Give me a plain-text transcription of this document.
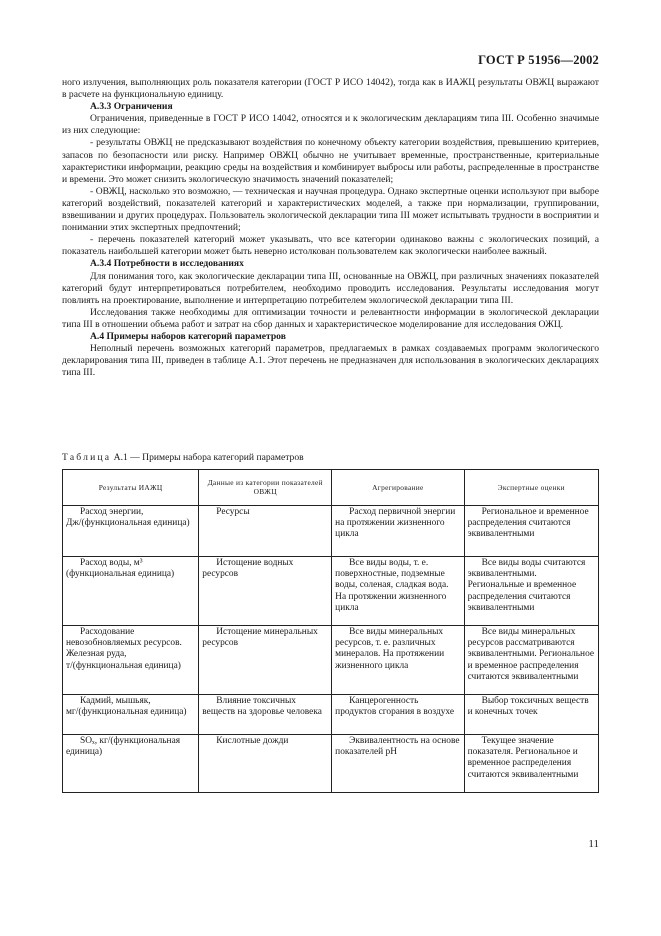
ГОСТ Р 51956—2002

ного излучения, выполняющих роль показателя категории (ГОСТ Р ИСО 14042), тогда как в ИАЖЦ результаты ОВЖЦ выражают в расчете на функциональную единицу.

А.3.3 Ограничения

Ограничения, приведенные в ГОСТ Р ИСО 14042, относятся и к экологическим декларациям типа III. Особенно значимые из них следующие:

- результаты ОВЖЦ не предсказывают воздействия по конечному объекту категории воздействия, превышению критериев, запасов по безопасности или риску. Например ОВЖЦ обычно не учитывает временные, пространственные, критериальные характеристики информации, реакцию среды на воздействия и комбинирует выбросы или работы, распределенные в пространстве и времени. Это может снизить экологическую значимость значений показателей;

- ОВЖЦ, насколько это возможно, — техническая и научная процедура. Однако экспертные оценки используют при выборе категорий воздействий, показателей категорий и характеристических моделей, а также при нормализации, группировании, взвешивании и других процедурах. Пользователь экологической декларации типа III может испытывать трудности в восприятии и понимании этих экспертных предпочтений;

- перечень показателей категорий может указывать, что все категории одинаково важны с экологических позиций, а показатель наибольшей категории может быть неверно истолкован пользователем как экологически наиболее важный.

А.3.4 Потребности в исследованиях

Для понимания того, как экологические декларации типа III, основанные на ОВЖЦ, при различных значениях показателей категорий будут интерпретироваться потребителем, необходимо проводить исследования. Результаты исследования могут повлиять на проектирование, выполнение и интерпретацию потребителем экологической декларации типа III.

Исследования также необходимы для оптимизации точности и релевантности информации в экологической декларации типа III в отношении объема работ и затрат на сбор данных и характеристическое моделирование для исследования ОЖЦ.

А.4 Примеры наборов категорий параметров

Неполный перечень возможных категорий параметров, предлагаемых в рамках создаваемых программ экологического декларирования типа III, приведен в таблице А.1. Этот перечень не предназначен для использования в экологических декларациях типа III.

Таблица А.1 — Примеры набора категорий параметров
Результаты ИАЖЦ	Данные из категории показателей ОВЖЦ	Агрегирование	Экспертные оценки

Расход энергии, Дж/(функциональная единица)	Ресурсы	Расход первичной энергии на протяжении жизненного цикла	Региональное и временное распределения считаются эквивалентными

Расход воды, м³ (функциональная единица)	Истощение водных ресурсов	Все виды воды, т. е. поверхностные, подземные воды, соленая, сладкая вода. На протяжении жизненного цикла	Все виды воды считаются эквивалентными. Региональные и временное распределения считаются эквивалентными

Расходование невозобновляемых ресурсов. Железная руда, т/(функциональная единица)	Истощение минеральных ресурсов	Все виды минеральных ресурсов, т. е. различных минералов. На протяжении жизненного цикла	Все виды минеральных ресурсов рассматриваются эквивалентными. Региональное и временное распределения считаются эквивалентными

Кадмий, мышьяк, мг/(функциональная единица)	Влияние токсичных веществ на здоровье человека	Канцерогенность продуктов сгорания в воздухе	Выбор токсичных веществ и конечных точек

SOₓ, кг/(функциональная единица)	Кислотные дожди	Эквивалентность на основе показателей pH	Текущее значение показателя. Региональное и временное распределения считаются эквивалентными
11
